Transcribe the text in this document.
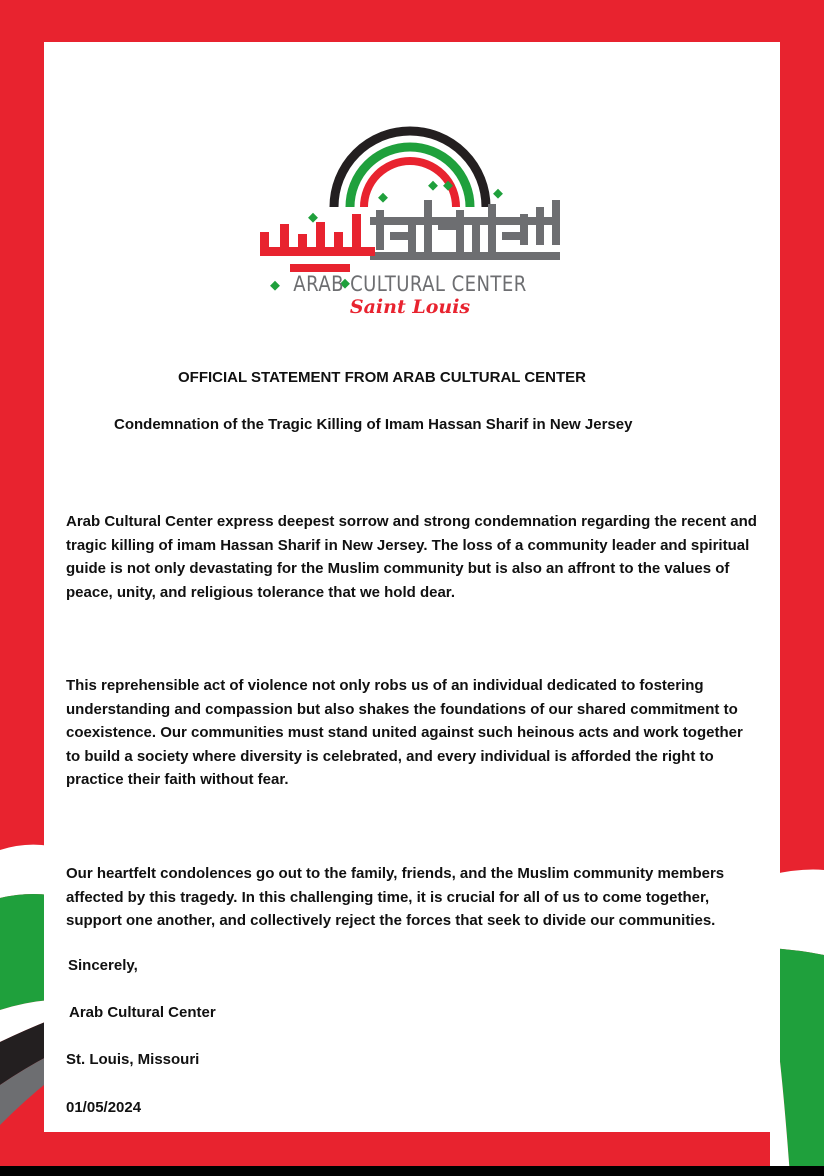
ARAB CULTURAL CENTER
Saint Louis
OFFICIAL STATEMENT FROM ARAB CULTURAL CENTER
Condemnation of the Tragic Killing of Imam Hassan Sharif in New Jersey

Arab Cultural Center express deepest sorrow and strong condemnation regarding the recent and tragic killing of imam Hassan Sharif in New Jersey. The loss of a community leader and spiritual guide is not only devastating for the Muslim community but is also an affront to the values of peace, unity, and religious tolerance that we hold dear.

This reprehensible act of violence not only robs us of an individual dedicated to fostering understanding and compassion but also shakes the foundations of our shared commitment to coexistence. Our communities must stand united against such heinous acts and work together to build a society where diversity is celebrated, and every individual is afforded the right to practice their faith without fear.

Our heartfelt condolences go out to the family, friends, and the Muslim community members affected by this tragedy. In this challenging time, it is crucial for all of us to come together, support one another, and collectively reject the forces that seek to divide our communities.

Sincerely,
Arab Cultural Center
St. Louis, Missouri
01/05/2024
